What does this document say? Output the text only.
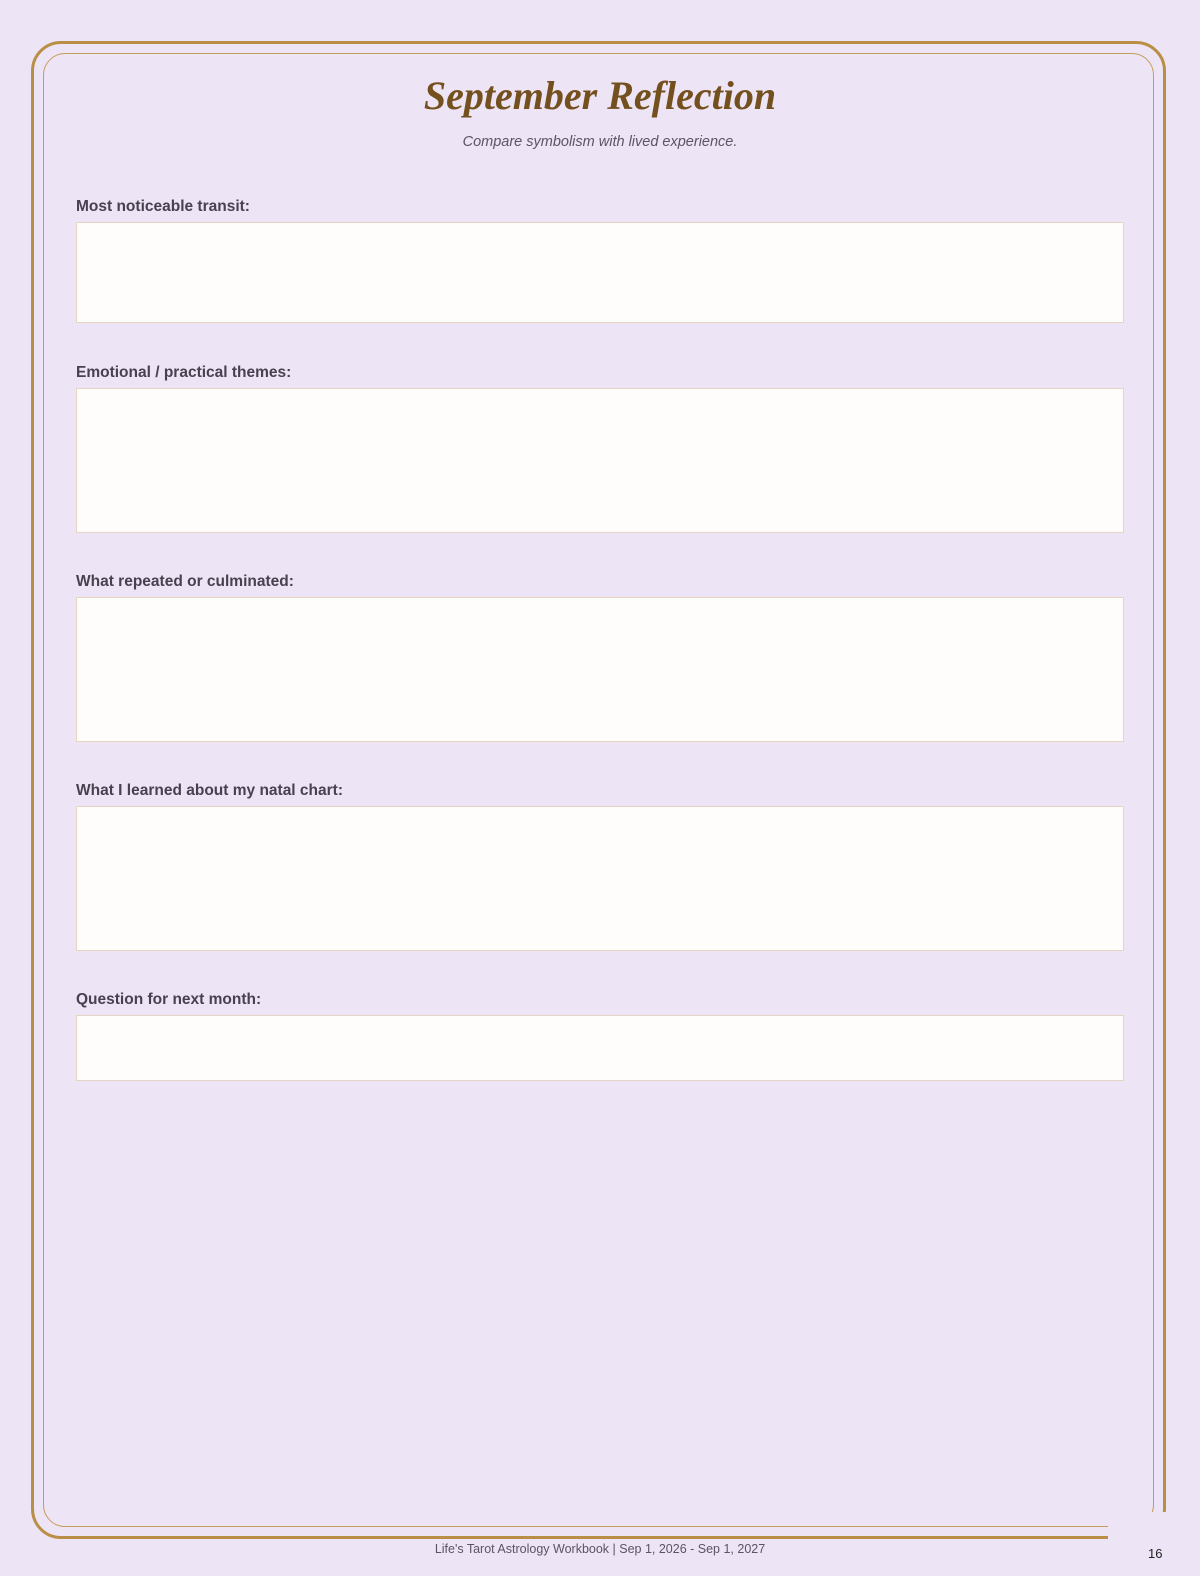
September Reflection

Compare symbolism with lived experience.

Most noticeable transit:
Emotional / practical themes:
What repeated or culminated:
What I learned about my natal chart:
Question for next month:
Life's Tarot Astrology Workbook | Sep 1, 2026 - Sep 1, 2027	16
